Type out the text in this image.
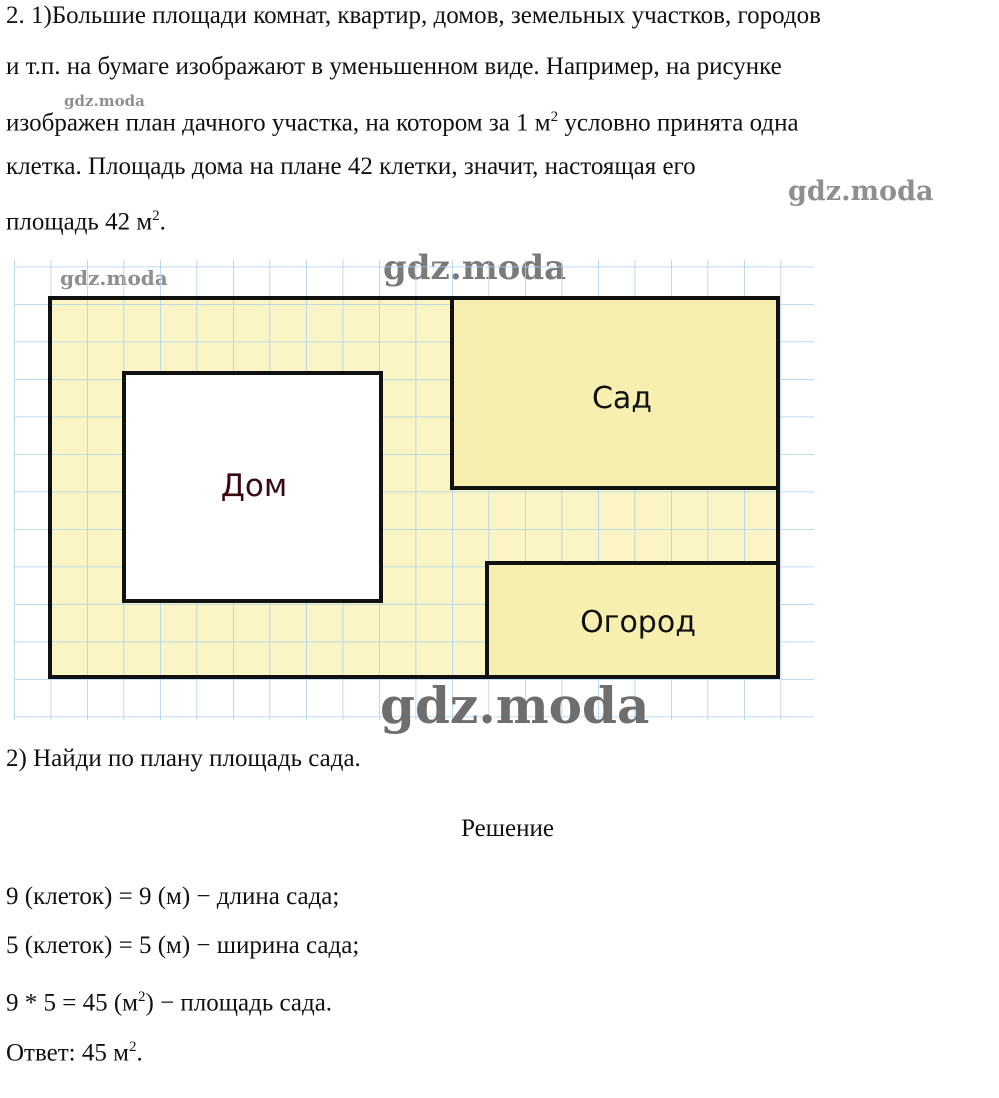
2. 1)Большие площади комнат, квартир, домов, земельных участков, городов
и т.п. на бумаге изображают в уменьшенном виде. Например, на рисунке
изображен план дачного участка, на котором за 1 $м^2$ условно принята одна
клетка. Площадь дома на плане 42 клетки, значит, настоящая его
площадь 42 $м^2$.
gdz.moda
gdz.moda
Дом
Сад
Огород
gdz.moda
2) Найди по плану площадь сада.
Решение
9 (клеток) = 9 (м) − длина сада;
5 (клеток) = 5 (м) − ширина сада;
9 * 5 = 45 $(м^2)$ − площадь сада.
Ответ: 45 $м^2$.
